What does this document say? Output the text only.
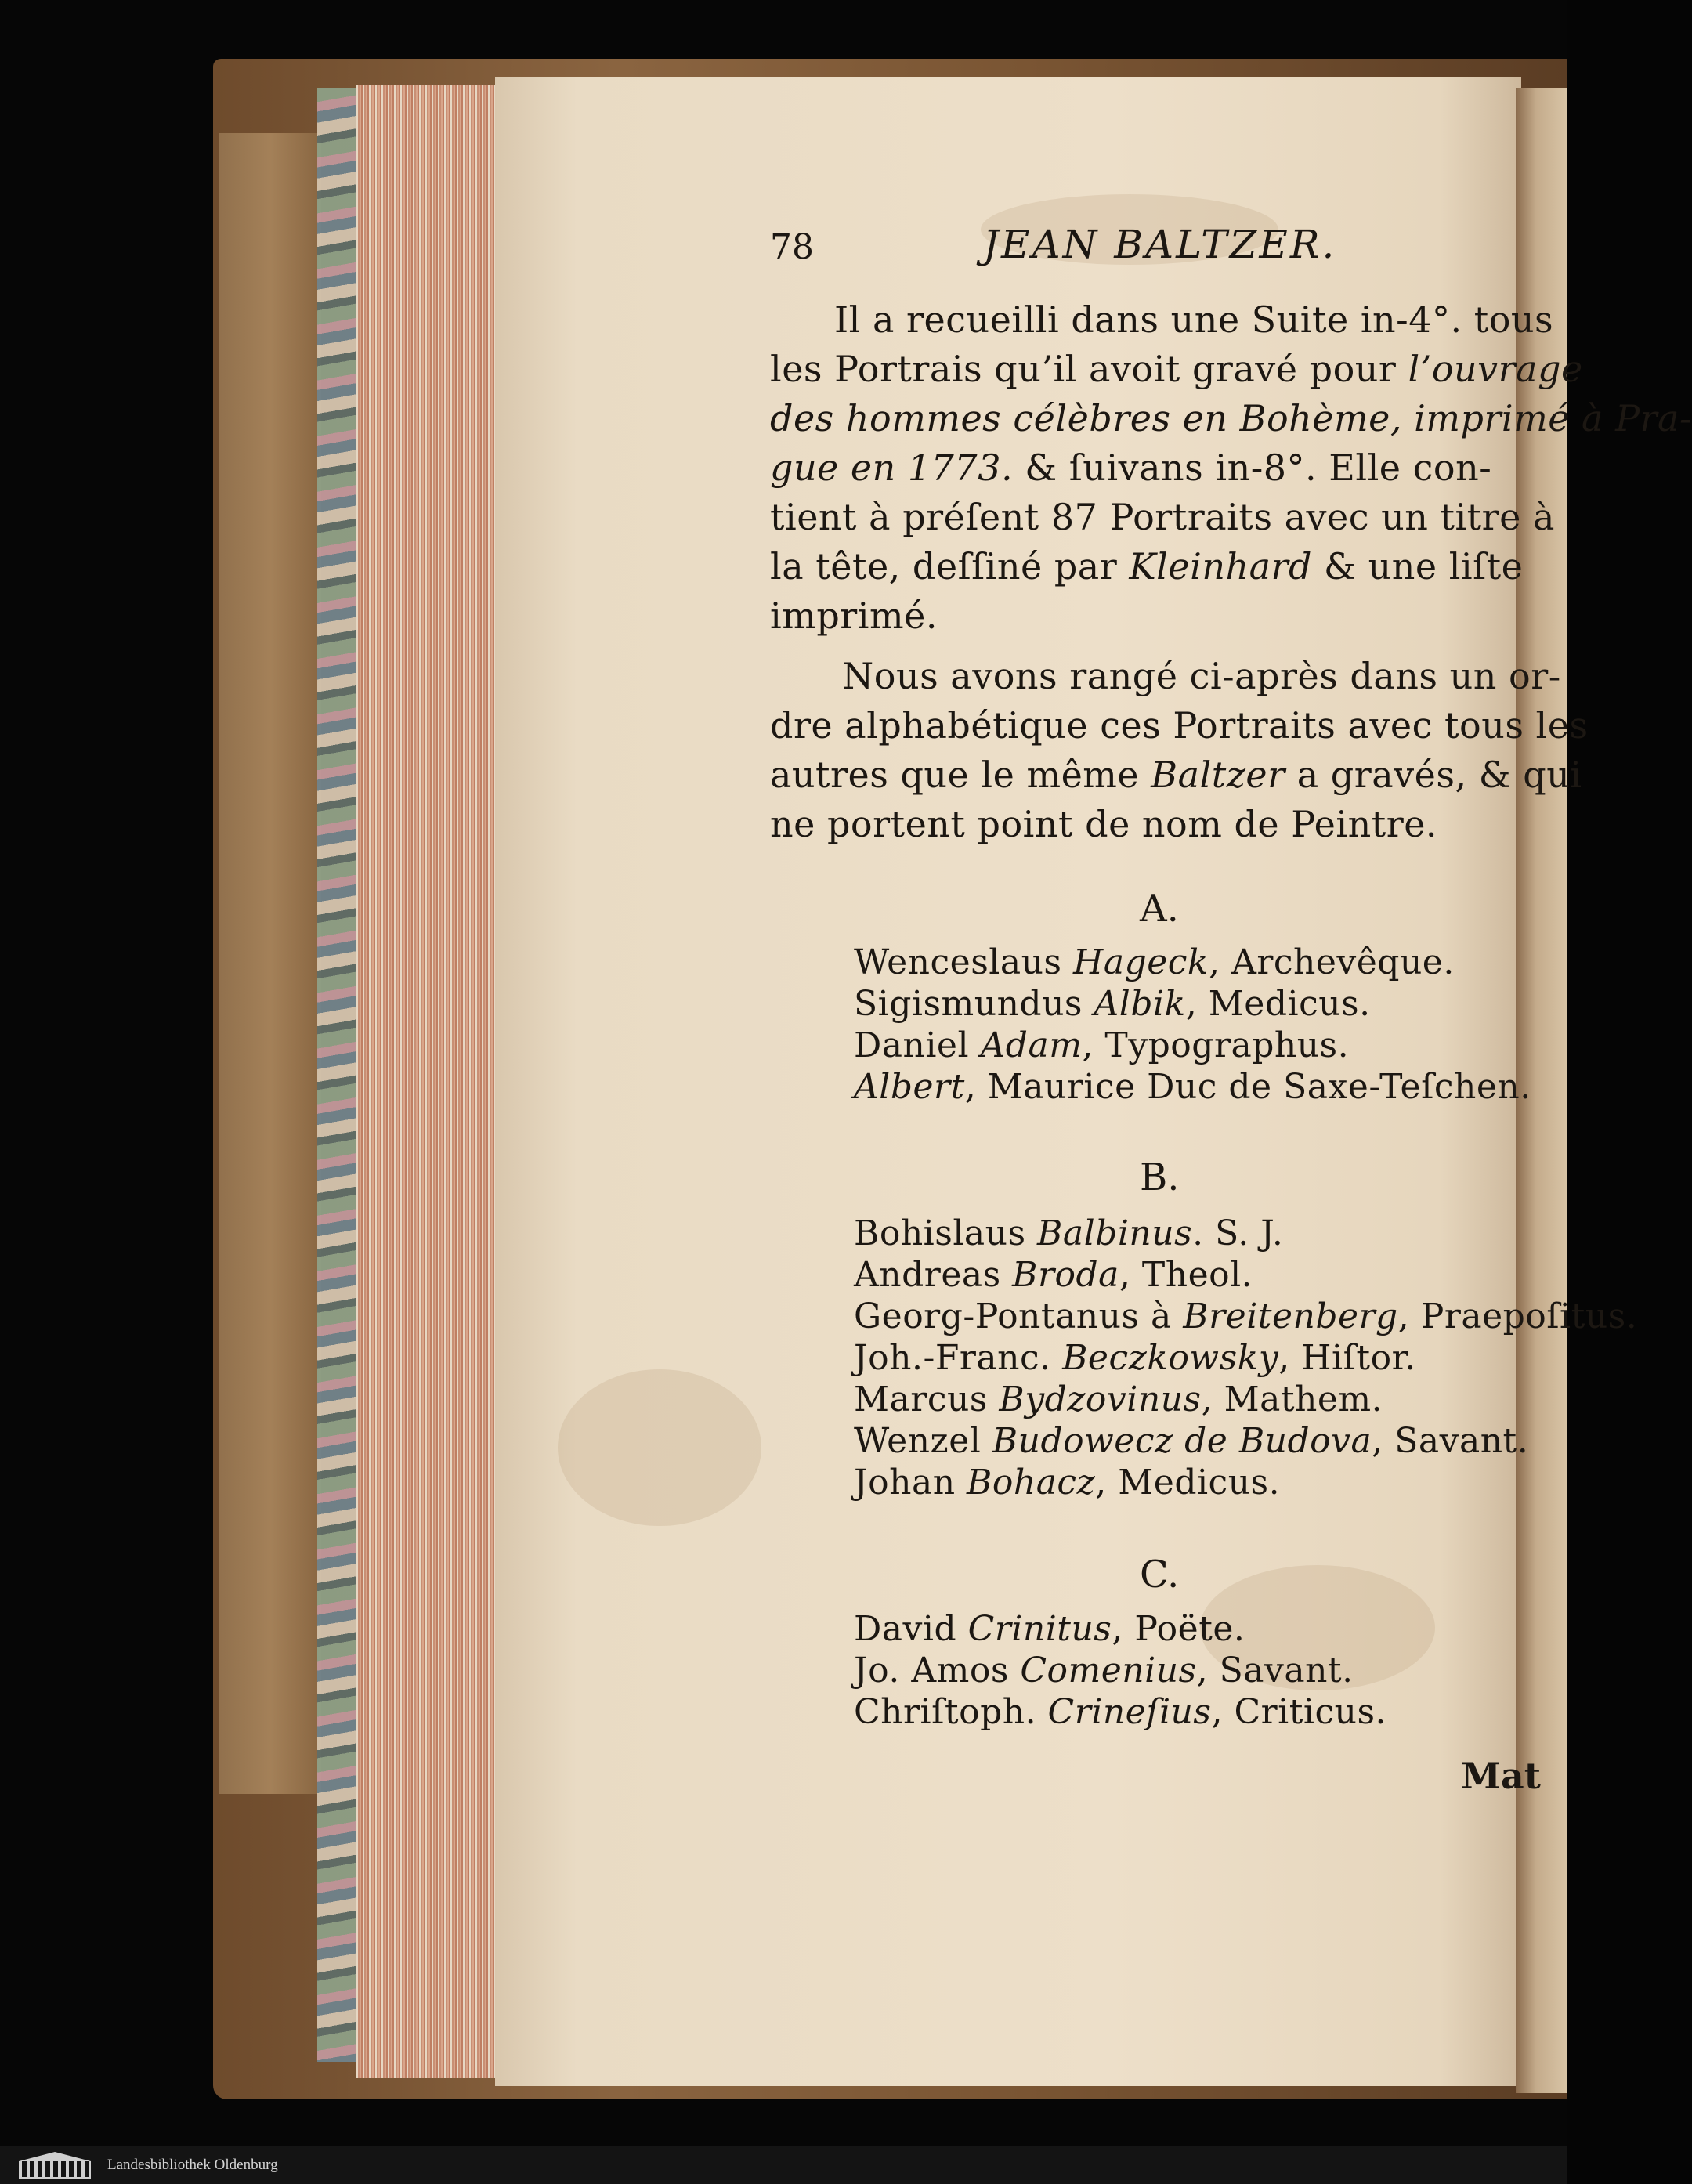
78	JEAN BALTZER.
Il a recueilli dans une Suite in-4°. tous
les Portrais qu’il avoit gravé pour l’ouvrage
des hommes célèbres en Bohème, imprimé à Pra-
gue en 1773. & ſuivans in-8°. Elle con-
tient à préſent 87 Portraits avec un titre à
la tête, deſſiné par Kleinhard & une liſte
imprimé.
Nous avons rangé ci-après dans un or-
dre alphabétique ces Portraits avec tous les
autres que le même Baltzer a gravés, & qui
ne portent point de nom de Peintre.
A.
Wenceslaus Hageck, Archevêque.
Sigismundus Albik, Medicus.
Daniel Adam, Typographus.
Albert, Maurice Duc de Saxe-Teſchen.
B.
Bohislaus Balbinus. S. J.
Andreas Broda, Theol.
Georg-Pontanus à Breitenberg, Praepoſitus.
Joh.-Franc. Beczkowsky, Hiſtor.
Marcus Bydzovinus, Mathem.
Wenzel Budowecz de Budova, Savant.
Johan Bohacz, Medicus.
C.
David Crinitus, Poëte.
Jo. Amos Comenius, Savant.
Chriſtoph. Crineſius, Criticus.
Mat
Landesbibliothek Oldenburg
